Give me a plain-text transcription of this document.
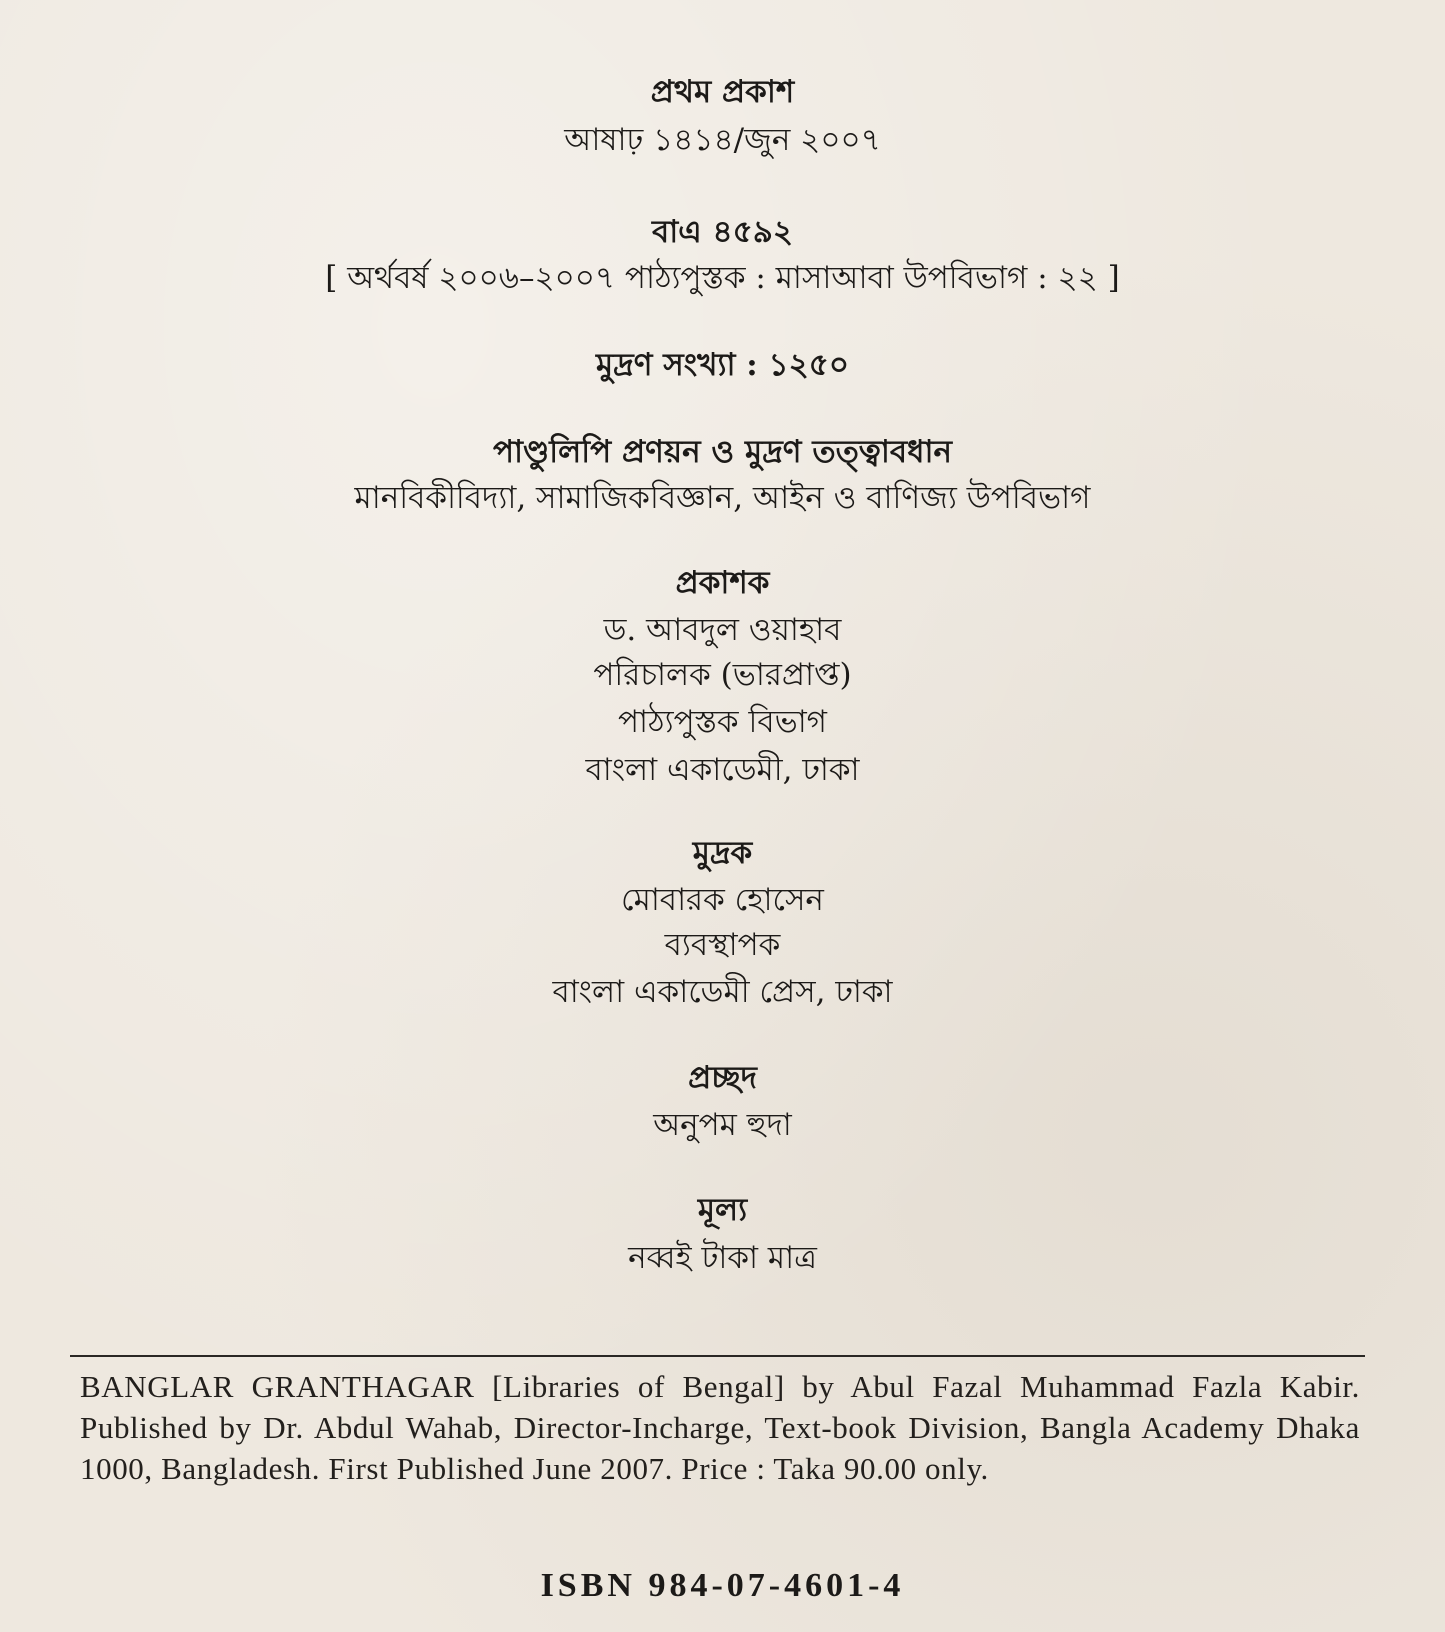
প্রথম প্রকাশ
আষাঢ় ১৪১৪/জুন ২০০৭
বাএ ৪৫৯২
[ অর্থবর্ষ ২০০৬–২০০৭ পাঠ্যপুস্তক : মাসাআবা উপবিভাগ : ২২ ]
মুদ্রণ সংখ্যা : ১২৫০
পাণ্ডুলিপি প্রণয়ন ও মুদ্রণ তত্ত্বাবধান
মানবিকীবিদ্যা, সামাজিকবিজ্ঞান, আইন ও বাণিজ্য উপবিভাগ
প্রকাশক
ড. আবদুল ওয়াহাব
পরিচালক (ভারপ্রাপ্ত)
পাঠ্যপুস্তক বিভাগ
বাংলা একাডেমী, ঢাকা
মুদ্রক
মোবারক হোসেন
ব্যবস্থাপক
বাংলা একাডেমী প্রেস, ঢাকা
প্রচ্ছদ
অনুপম হুদা
মূল্য
নব্বই টাকা মাত্র
BANGLAR GRANTHAGAR [Libraries of Bengal] by Abul Fazal Muhammad Fazla Kabir. Published by Dr. Abdul Wahab, Director-Incharge, Text-book Division, Bangla Academy Dhaka 1000, Bangladesh. First Published June 2007. Price : Taka 90.00 only.
ISBN 984-07-4601-4
